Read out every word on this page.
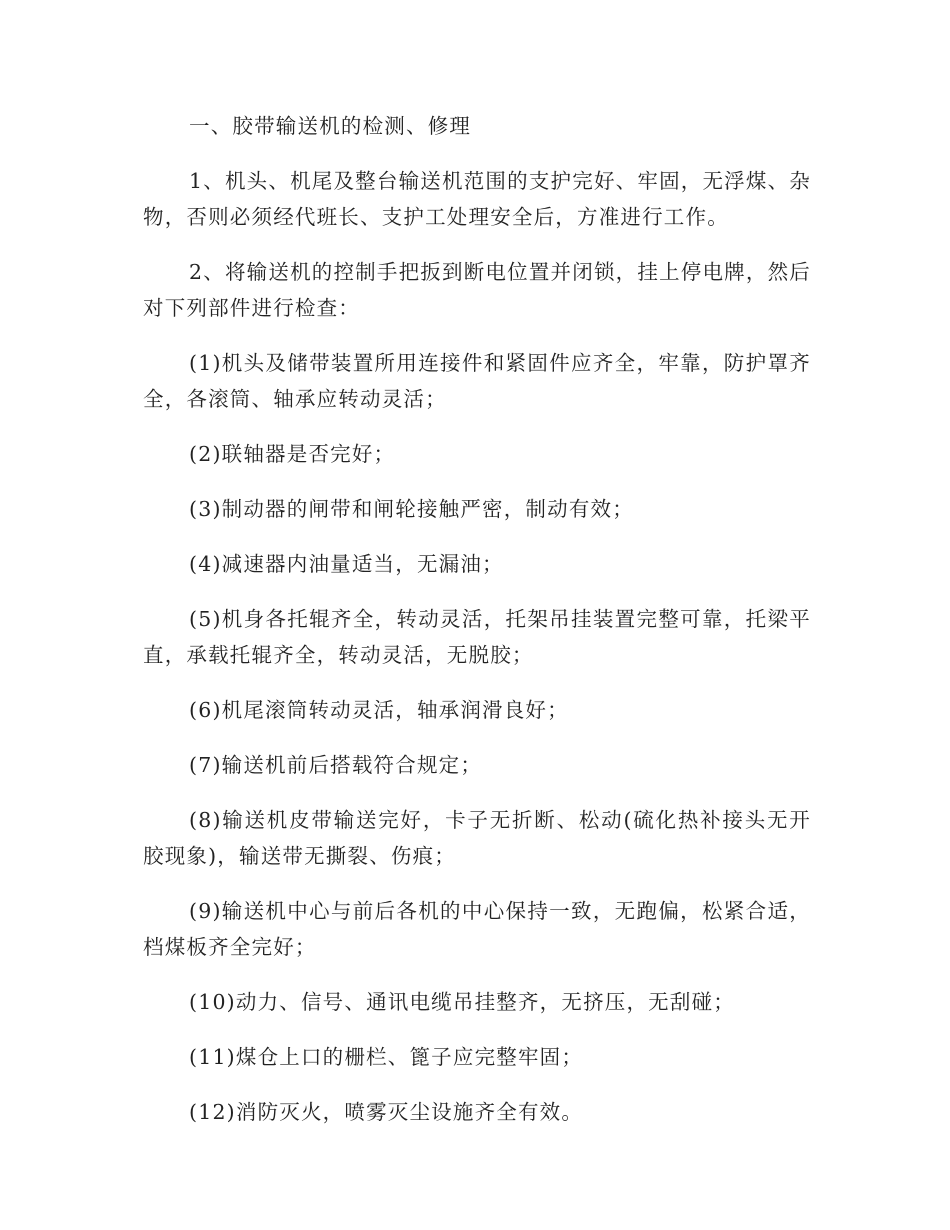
一、胶带输送机的检测、修理

1、机头、机尾及整台输送机范围的支护完好、牢固，无浮煤、杂物，否则必须经代班长、支护工处理安全后，方准进行工作。

2、将输送机的控制手把扳到断电位置并闭锁，挂上停电牌，然后对下列部件进行检查：

(1)机头及储带装置所用连接件和紧固件应齐全，牢靠，防护罩齐全，各滚筒、轴承应转动灵活；

(2)联轴器是否完好；

(3)制动器的闸带和闸轮接触严密，制动有效；

(4)减速器内油量适当，无漏油；

(5)机身各托辊齐全，转动灵活，托架吊挂装置完整可靠，托梁平直，承载托辊齐全，转动灵活，无脱胶；

(6)机尾滚筒转动灵活，轴承润滑良好；

(7)输送机前后搭载符合规定；

(8)输送机皮带输送完好，卡子无折断、松动(硫化热补接头无开胶现象)，输送带无撕裂、伤痕；

(9)输送机中心与前后各机的中心保持一致，无跑偏，松紧合适，档煤板齐全完好；

(10)动力、信号、通讯电缆吊挂整齐，无挤压，无刮碰；

(11)煤仓上口的栅栏、篦子应完整牢固；

(12)消防灭火，喷雾灭尘设施齐全有效。
